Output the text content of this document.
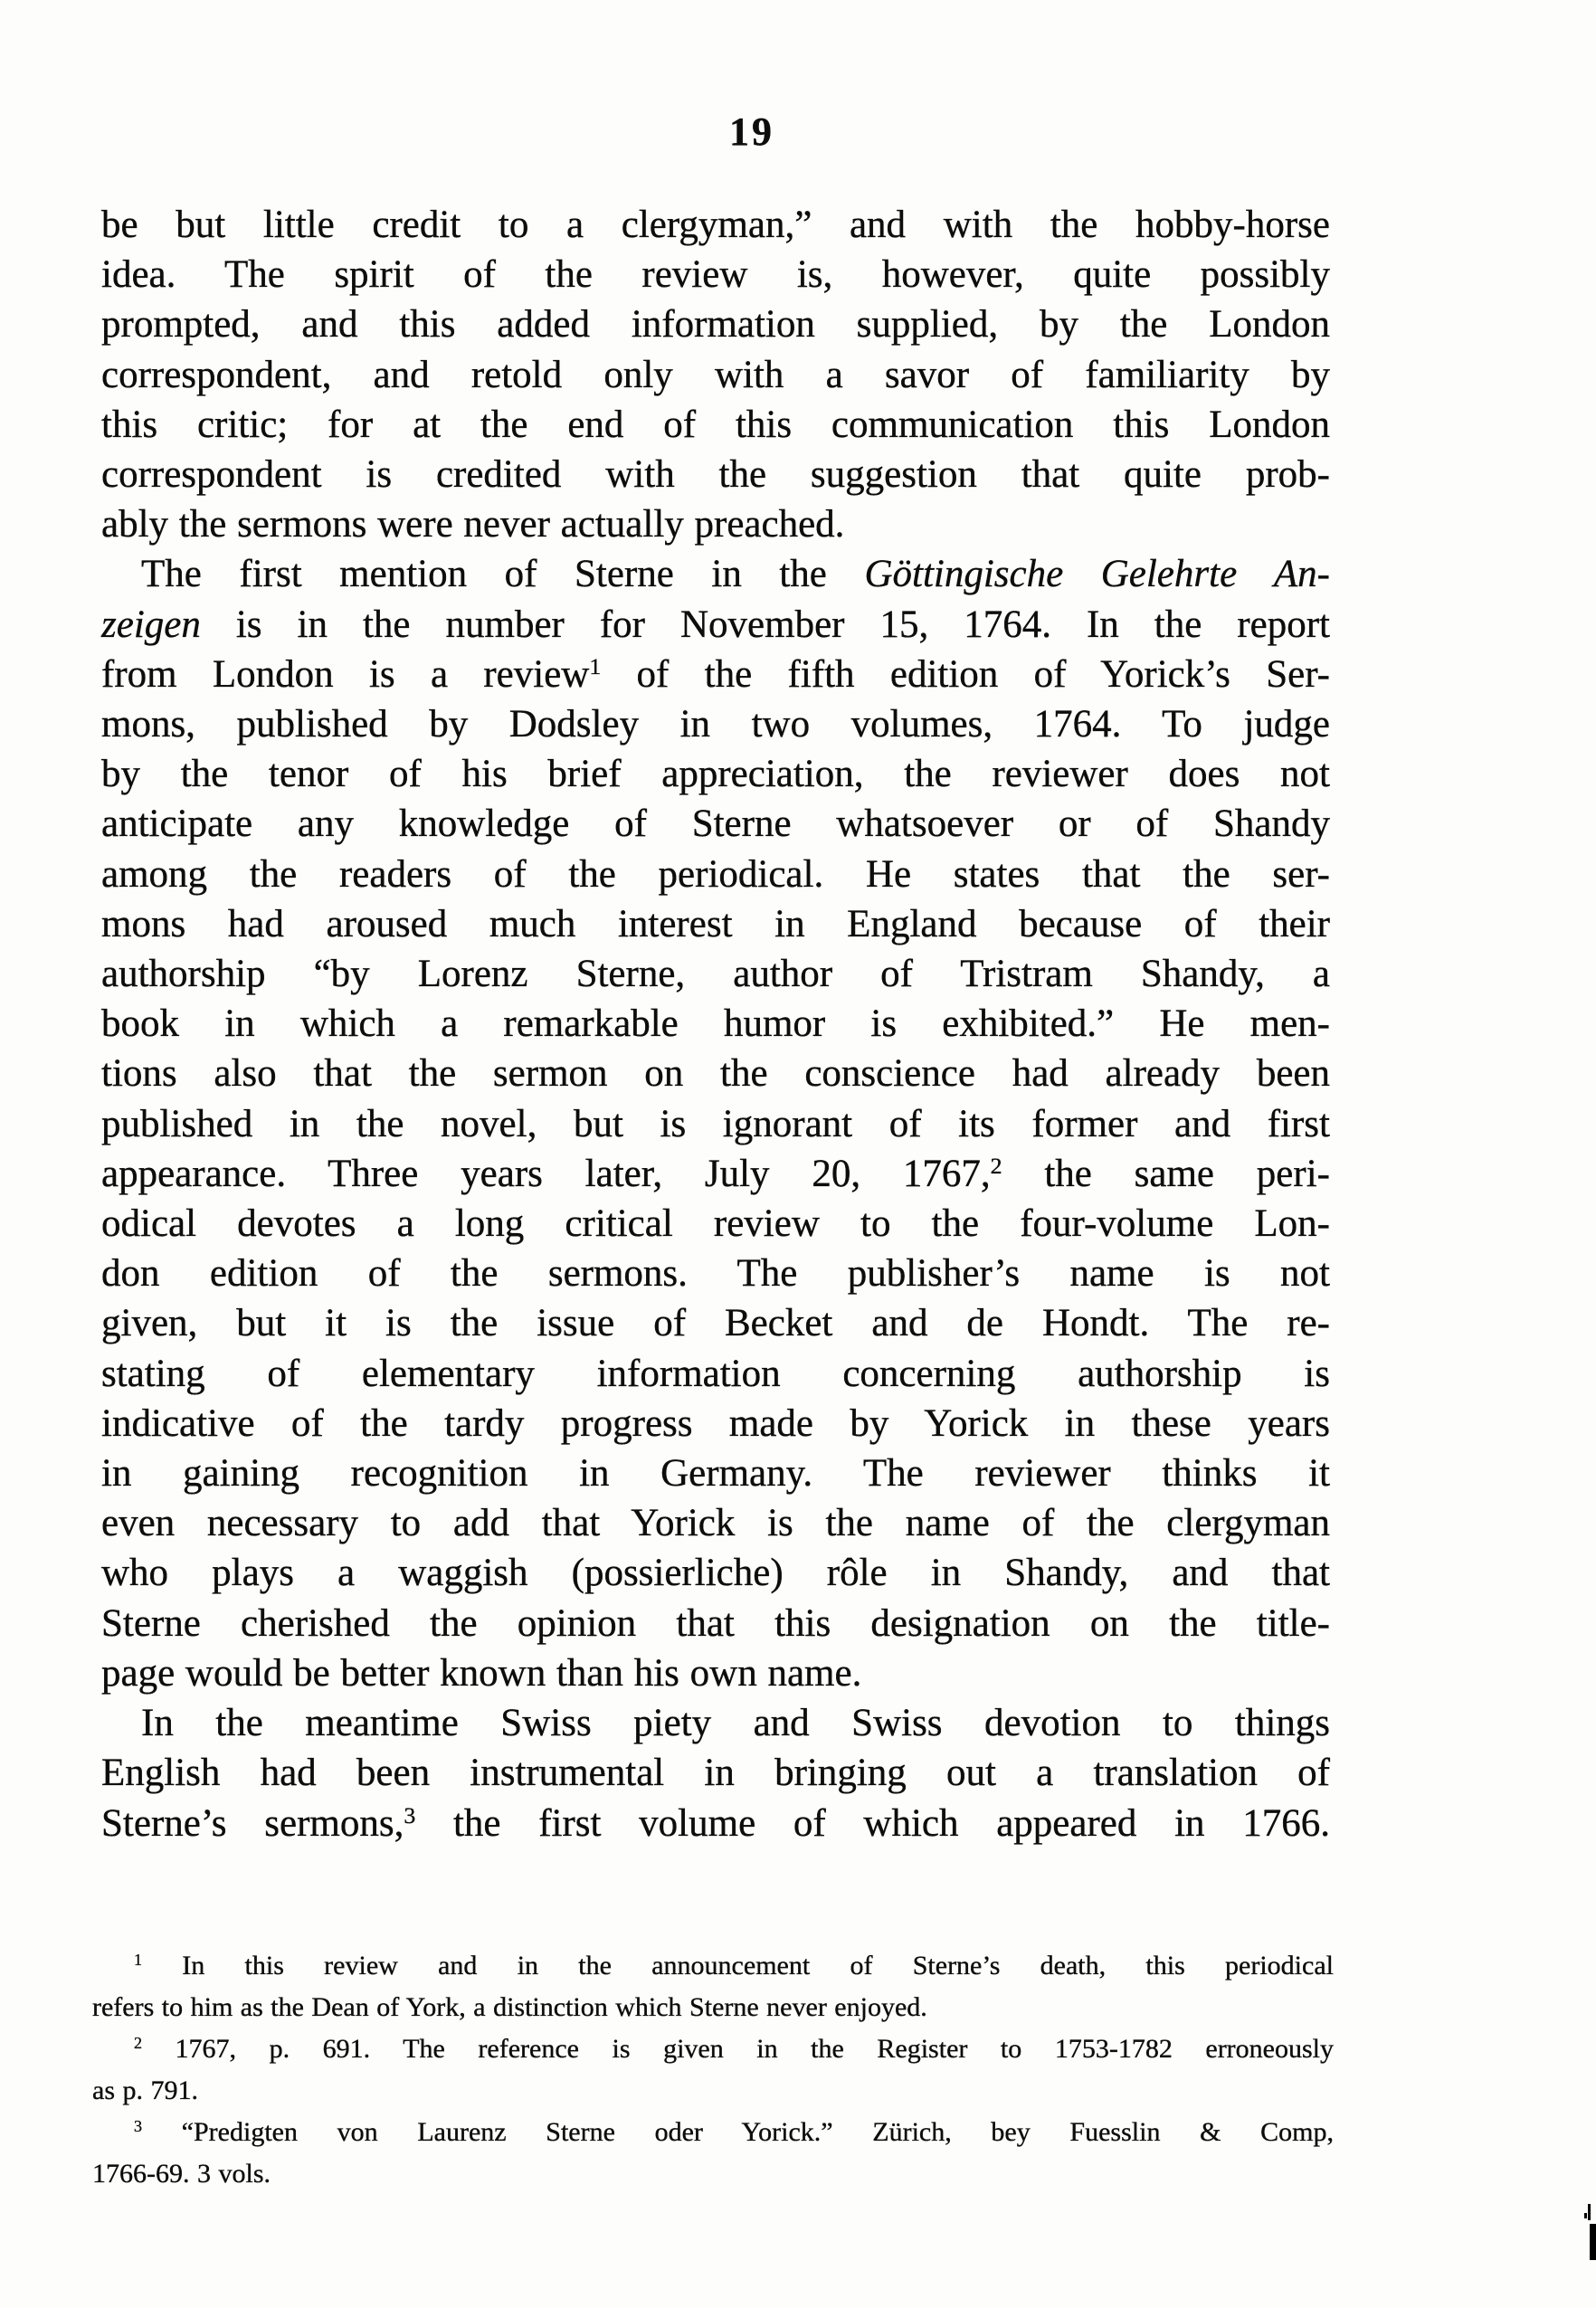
19

be but little credit to a clergyman,” and with the hobby-horse
idea. The spirit of the review is, however, quite possibly
prompted, and this added information supplied, by the London
correspondent, and retold only with a savor of familiarity by
this critic; for at the end of this communication this London
correspondent is credited with the suggestion that quite prob-
ably the sermons were never actually preached.

The first mention of Sterne in the Göttingische Gelehrte An-
zeigen is in the number for November 15, 1764. In the report
from London is a review$^1$ of the fifth edition of Yorick’s Ser-
mons, published by Dodsley in two volumes, 1764. To judge
by the tenor of his brief appreciation, the reviewer does not
anticipate any knowledge of Sterne whatsoever or of Shandy
among the readers of the periodical. He states that the ser-
mons had aroused much interest in England because of their
authorship “by Lorenz Sterne, author of Tristram Shandy, a
book in which a remarkable humor is exhibited.” He men-
tions also that the sermon on the conscience had already been
published in the novel, but is ignorant of its former and first
appearance. Three years later, July 20, 1767,$^2$ the same peri-
odical devotes a long critical review to the four-volume Lon-
don edition of the sermons. The publisher’s name is not
given, but it is the issue of Becket and de Hondt. The re-
stating of elementary information concerning authorship is
indicative of the tardy progress made by Yorick in these years
in gaining recognition in Germany. The reviewer thinks it
even necessary to add that Yorick is the name of the clergyman
who plays a waggish (possierliche) rôle in Shandy, and that
Sterne cherished the opinion that this designation on the title-
page would be better known than his own name.

In the meantime Swiss piety and Swiss devotion to things
English had been instrumental in bringing out a translation of
Sterne’s sermons,$^3$ the first volume of which appeared in 1766.

$^1$ In this review and in the announcement of Sterne’s death, this periodical
refers to him as the Dean of York, a distinction which Sterne never enjoyed.

$^2$ 1767, p. 691. The reference is given in the Register to 1753-1782 erroneously
as p. 791.

$^3$ “Predigten von Laurenz Sterne oder Yorick.” Zürich, bey Fuesslin & Comp,
1766-69. 3 vols.
